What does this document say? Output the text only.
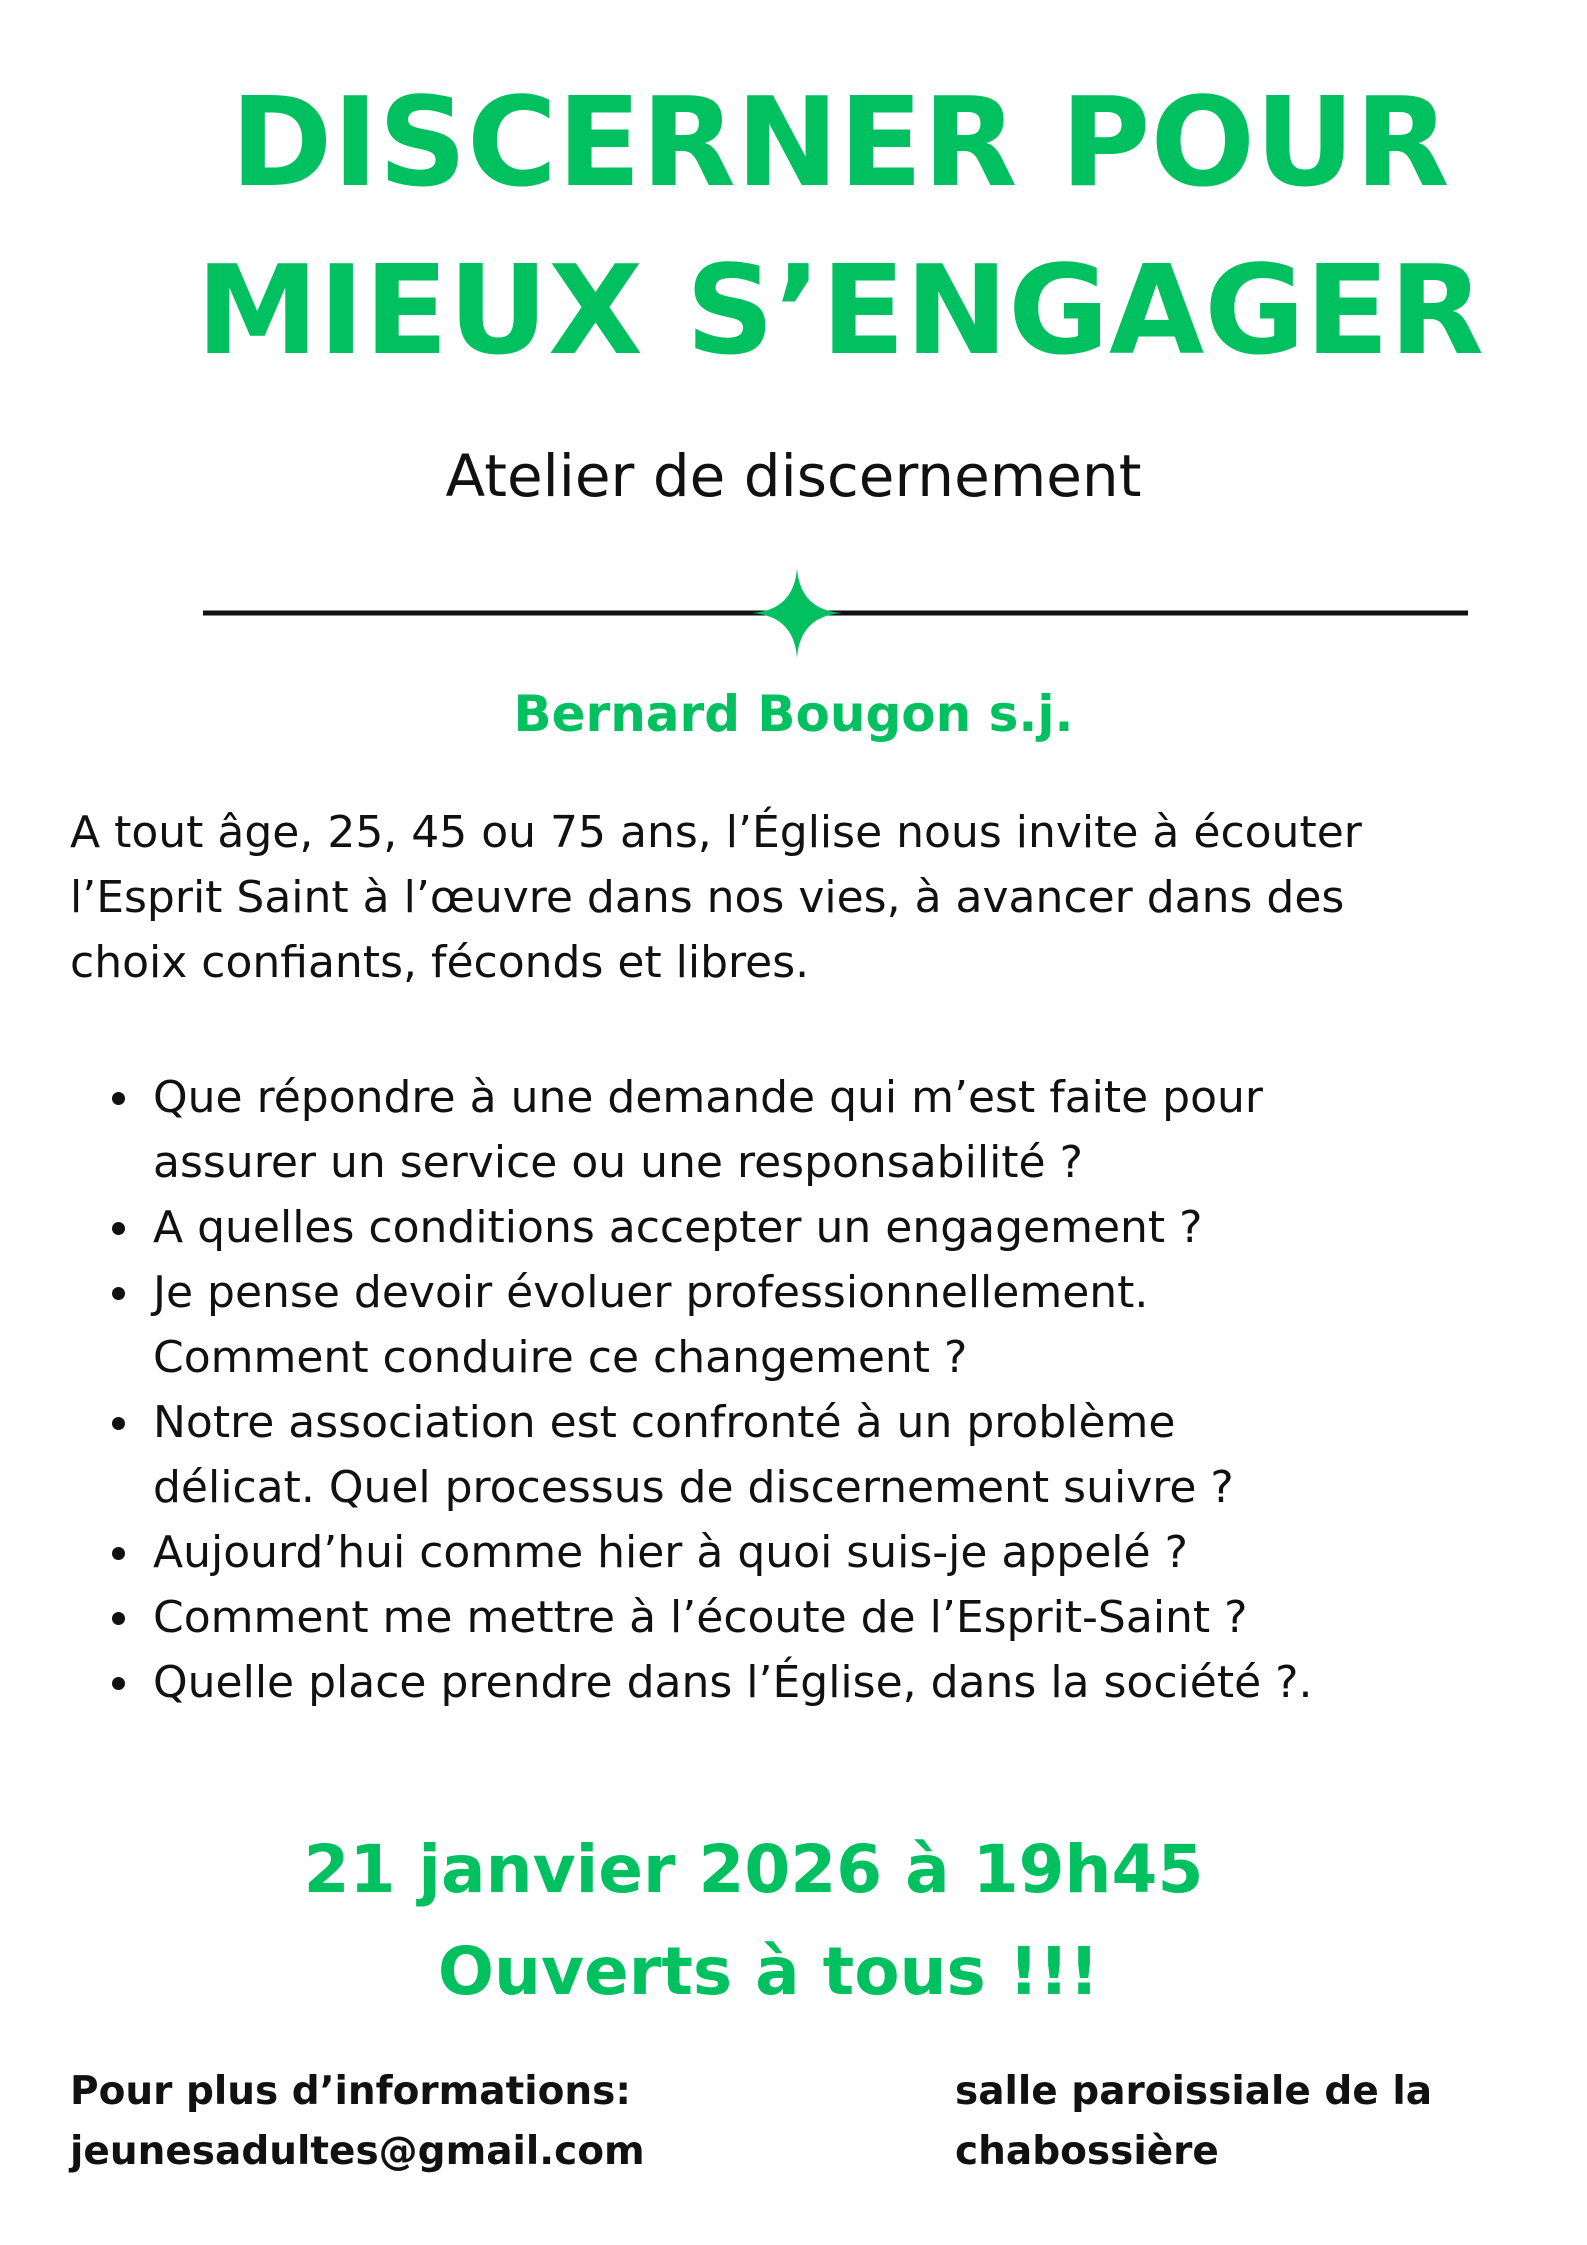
DISCERNER POUR
MIEUX S’ENGAGER
Atelier de discernement
Bernard Bougon s.j.

A tout âge, 25, 45 ou 75 ans, l’Église nous invite à écouter
l’Esprit Saint à l’œuvre dans nos vies, à avancer dans des
choix confiants, féconds et libres.

Que répondre à une demande qui m’est faite pour
assurer un service ou une responsabilité ?
A quelles conditions accepter un engagement ?
Je pense devoir évoluer professionnellement.
Comment conduire ce changement ?
Notre association est confronté à un problème
délicat. Quel processus de discernement suivre ?
Aujourd’hui comme hier à quoi suis-je appelé ?
Comment me mettre à l’écoute de l’Esprit-Saint ?
Quelle place prendre dans l’Église, dans la société ?.
21 janvier 2026 à 19h45
Ouverts à tous !!!
Pour plus d’informations:
jeunesadultes@gmail.com
salle paroissiale de la
chabossière
